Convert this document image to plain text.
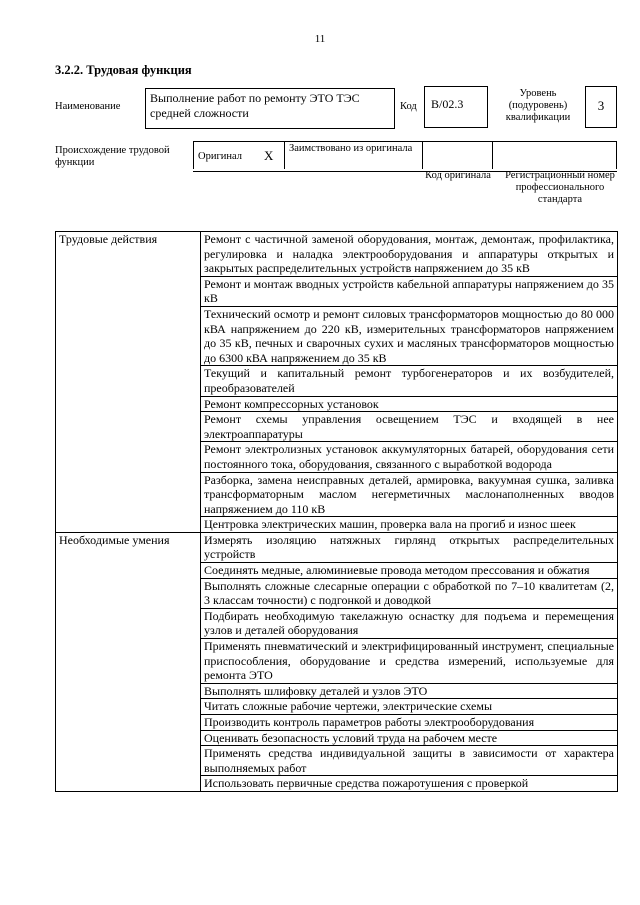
11
3.2.2. Трудовая функция
Наименование
Выполнение работ по ремонту ЭТО ТЭС средней сложности	Код	В/02.3
Уровень (подуровень) квалификации
3
Происхождение трудовой функции
Оригинал Х Заимствовано из оригинала
Код оригинала Регистрационный номер профессионального стандарта
Трудовые действия	Ремонт с частичной заменой оборудования, монтаж, демонтаж, профилактика, регулировка и наладка электрооборудования и аппаратуры открытых и закрытых распределительных устройств напряжением до 35 кВ
	Ремонт и монтаж вводных устройств кабельной аппаратуры напряжением до 35 кВ
	Технический осмотр и ремонт силовых трансформаторов мощностью до 80 000 кВА напряжением до 220 кВ, измерительных трансформаторов напряжением до 35 кВ, печных и сварочных сухих и масляных трансформаторов мощностью до 6300 кВА напряжением до 35 кВ
	Текущий и капитальный ремонт турбогенераторов и их возбудителей, преобразователей
	Ремонт компрессорных установок
	Ремонт схемы управления освещением ТЭС и входящей в нее электроаппаратуры
	Ремонт электролизных установок аккумуляторных батарей, оборудования сети постоянного тока, оборудования, связанного с выработкой водорода
	Разборка, замена неисправных деталей, армировка, вакуумная сушка, заливка трансформаторным маслом негерметичных маслонаполненных вводов напряжением до 110 кВ
	Центровка электрических машин, проверка вала на прогиб и износ шеек
Необходимые умения	Измерять изоляцию натяжных гирлянд открытых распределительных устройств
	Соединять медные, алюминиевые провода методом прессования и обжатия
	Выполнять сложные слесарные операции с обработкой по 7–10 квалитетам (2, 3 классам точности) с подгонкой и доводкой
	Подбирать необходимую такелажную оснастку для подъема и перемещения узлов и деталей оборудования
	Применять пневматический и электрифицированный инструмент, специальные приспособления, оборудование и средства измерений, используемые для ремонта ЭТО
	Выполнять шлифовку деталей и узлов ЭТО
	Читать сложные рабочие чертежи, электрические схемы
	Производить контроль параметров работы электрооборудования
	Оценивать безопасность условий труда на рабочем месте
	Применять средства индивидуальной защиты в зависимости от характера выполняемых работ
	Использовать первичные средства пожаротушения с проверкой
